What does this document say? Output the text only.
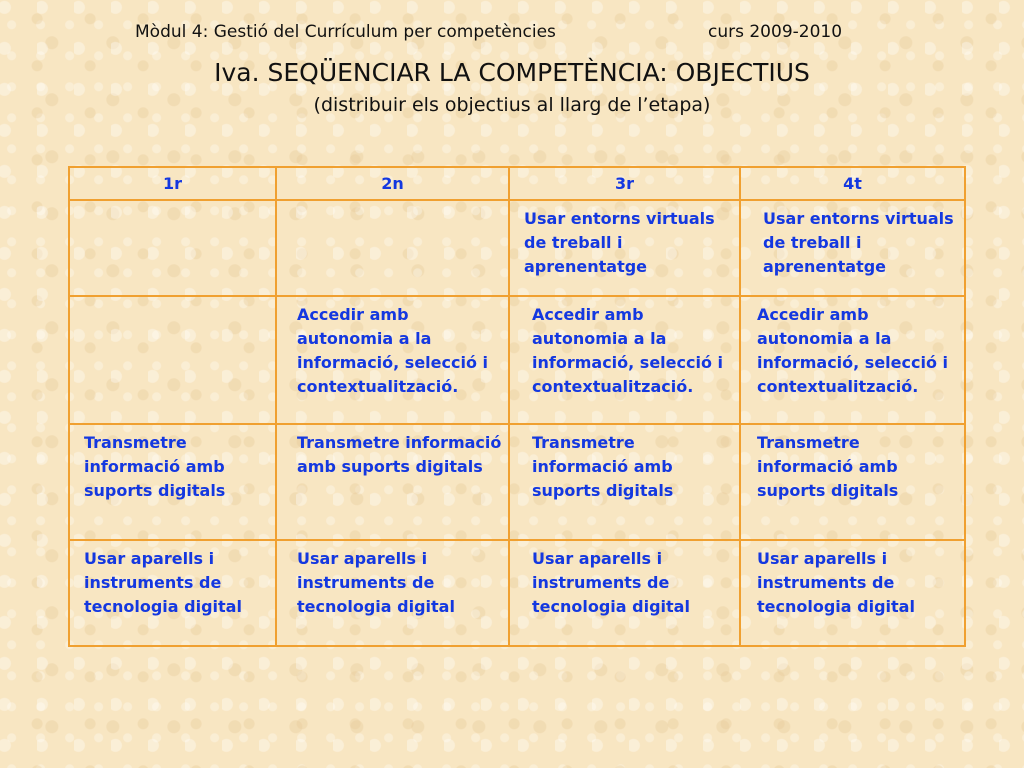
Mòdul 4: Gestió del Currículum per competències	curs 2009-2010
Iva. SEQÜENCIAR LA COMPETÈNCIA: OBJECTIUS
(distribuir els objectius al llarg de l’etapa)
1r	2n	3r	4t
		Usar entorns virtuals de treball i aprenentatge	Usar entorns virtuals de treball i aprenentatge
	Accedir amb autonomia a la informació, selecció i contextualització.	Accedir amb autonomia a la informació, selecció i contextualització.	Accedir amb autonomia a la informació, selecció i contextualització.
Transmetre informació amb suports digitals	Transmetre informació amb suports digitals	Transmetre informació amb suports digitals	Transmetre informació amb suports digitals
Usar aparells i instruments de tecnologia digital	Usar aparells i instruments de tecnologia digital	Usar aparells i instruments de tecnologia digital	Usar aparells i instruments de tecnologia digital
